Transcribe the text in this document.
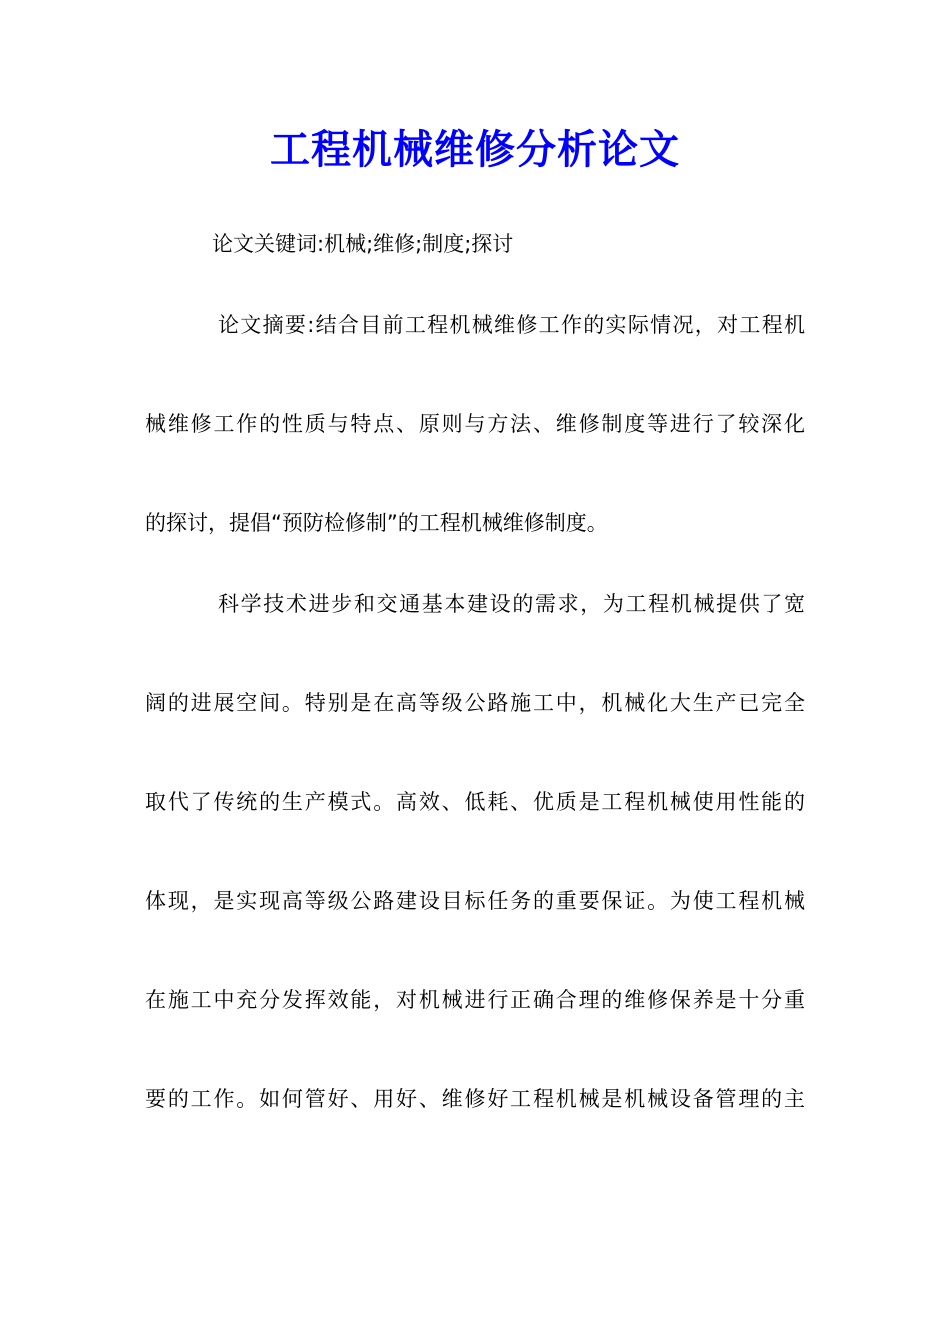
工程机械维修分析论文
论文关键词:机械;维修;制度;探讨
论文摘要:结合目前工程机械维修工作的实际情况，对工程机
械维修工作的性质与特点、原则与方法、维修制度等进行了较深化
的探讨，提倡“预防检修制”的工程机械维修制度。
科学技术进步和交通基本建设的需求，为工程机械提供了宽
阔的进展空间。特别是在高等级公路施工中，机械化大生产已完全
取代了传统的生产模式。高效、低耗、优质是工程机械使用性能的
体现，是实现高等级公路建设目标任务的重要保证。为使工程机械
在施工中充分发挥效能，对机械进行正确合理的维修保养是十分重
要的工作。如何管好、用好、维修好工程机械是机械设备管理的主
